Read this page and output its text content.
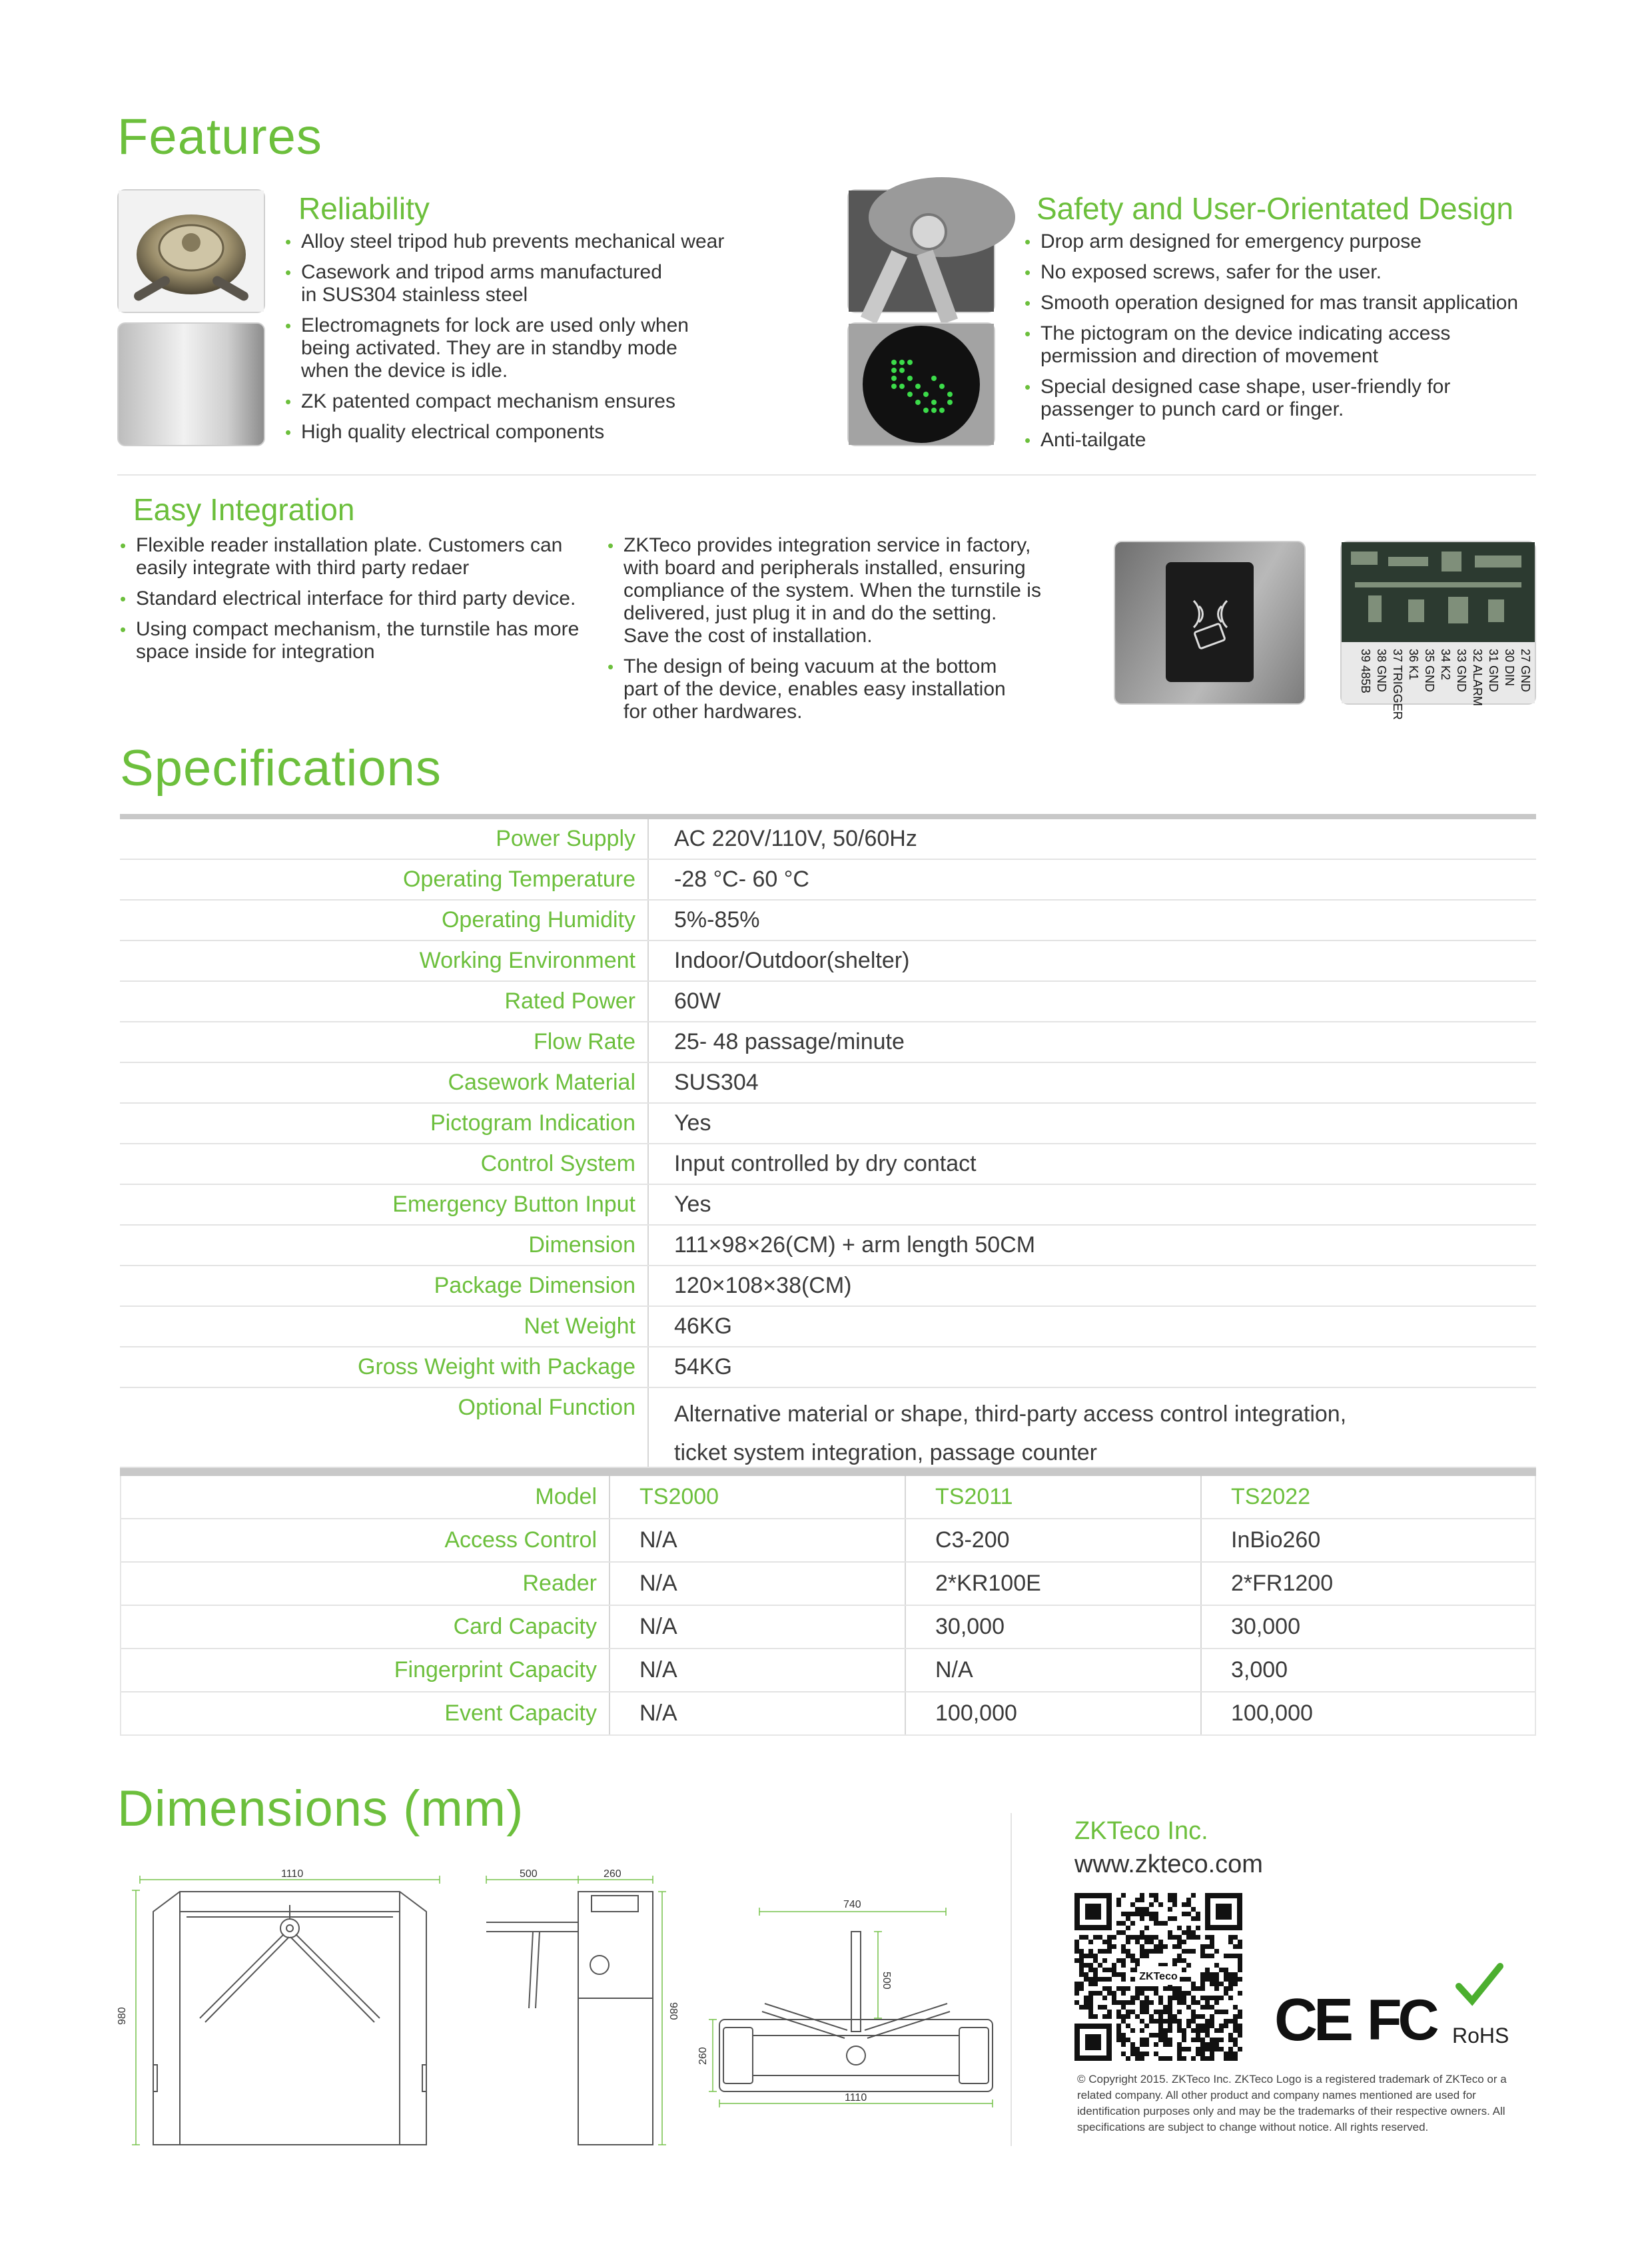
Features
Reliability
• Alloy steel tripod hub prevents mechanical wear
• Casework and tripod arms manufactured in SUS304 stainless steel
• Electromagnets for lock are used only when being activated. They are in standby mode when the device is idle.
• ZK patented compact mechanism ensures
• High quality electrical components
Safety and User-Orientated Design
• Drop arm designed for emergency purpose
• No exposed screws, safer for the user.
• Smooth operation designed for mas transit application
• The pictogram on the device indicating access permission and direction of movement
• Special designed case shape, user-friendly for passenger to punch card or finger.
• Anti-tailgate
Easy Integration
• Flexible reader installation plate. Customers can easily integrate with third party redaer
• Standard electrical interface for third party device.
• Using compact mechanism, the turnstile has more space inside for integration
• ZKTeco provides integration service in factory, with board and peripherals installed, ensuring compliance of the system. When the turnstile is delivered, just plug it in and do the setting. Save the cost of installation.
• The design of being vacuum at the bottom part of the device, enables easy installation for other hardwares.
27 GND
30 DIN
31 GND
32 ALARM
33 GND
34 K2
35 GND
36 K1
37 TRIGGER
38 GND
39 485B
Specifications
Power Supply	AC 220V/110V, 50/60Hz
Operating Temperature	-28 °C- 60 °C
Operating Humidity	5%-85%
Working Environment	Indoor/Outdoor(shelter)
Rated Power	60W
Flow Rate	25- 48 passage/minute
Casework Material	SUS304
Pictogram Indication	Yes
Control System	Input controlled by dry contact
Emergency Button Input	Yes
Dimension	111×98×26(CM) + arm length 50CM
Package Dimension	120×108×38(CM)
Net Weight	46KG
Gross Weight with Package	54KG
Optional Function	Alternative material or shape, third-party access control integration,
ticket system integration, passage counter
Model	TS2000	TS2011	TS2022
Access Control	N/A	C3-200	InBio260
Reader	N/A	2*KR100E	2*FR1200
Card Capacity	N/A	30,000	30,000
Fingerprint Capacity	N/A	N/A	3,000
Event Capacity	N/A	100,000	100,000
Dimensions (mm)
1110
980
500	260
980
740
500
260
1110
ZKTeco Inc.
www.zkteco.com
ZKTeco
CE FC RoHS
© Copyright 2015. ZKTeco Inc. ZKTeco Logo is a registered trademark of ZKTeco or a related company. All other product and company names mentioned are used for identification purposes only and may be the trademarks of their respective owners. All specifications are subject to change without notice. All rights reserved.
